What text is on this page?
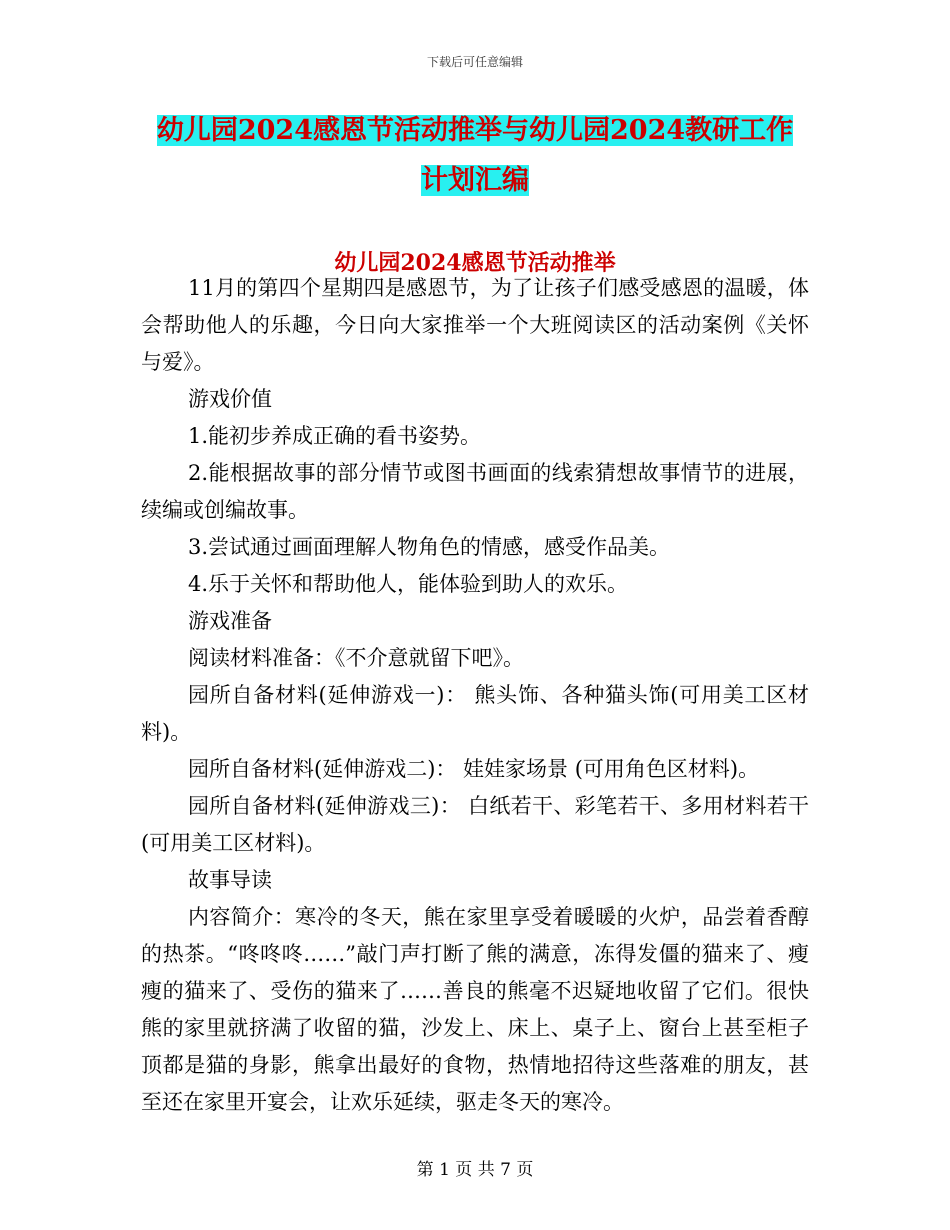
下载后可任意编辑
幼儿园2024感恩节活动推举与幼儿园2024教研工作
计划汇编
幼儿园2024感恩节活动推举

11月的第四个星期四是感恩节，为了让孩子们感受感恩的温暖，体会帮助他人的乐趣，今日向大家推举一个大班阅读区的活动案例《关怀与爱》。

游戏价值

1.能初步养成正确的看书姿势。

2.能根据故事的部分情节或图书画面的线索猜想故事情节的进展，续编或创编故事。

3.尝试通过画面理解人物角色的情感，感受作品美。

4.乐于关怀和帮助他人，能体验到助人的欢乐。

游戏准备

阅读材料准备：《不介意就留下吧》。

园所自备材料(延伸游戏一)： 熊头饰、各种猫头饰(可用美工区材料)。

园所自备材料(延伸游戏二)： 娃娃家场景 (可用角色区材料)。

园所自备材料(延伸游戏三)： 白纸若干、彩笔若干、多用材料若干(可用美工区材料)。

故事导读

内容简介：寒冷的冬天，熊在家里享受着暖暖的火炉，品尝着香醇的热茶。“咚咚咚……”敲门声打断了熊的满意，冻得发僵的猫来了、瘦瘦的猫来了、受伤的猫来了……善良的熊毫不迟疑地收留了它们。很快熊的家里就挤满了收留的猫，沙发上、床上、桌子上、窗台上甚至柜子顶都是猫的身影，熊拿出最好的食物，热情地招待这些落难的朋友，甚至还在家里开宴会，让欢乐延续，驱走冬天的寒冷。

第 1 页 共 7 页
